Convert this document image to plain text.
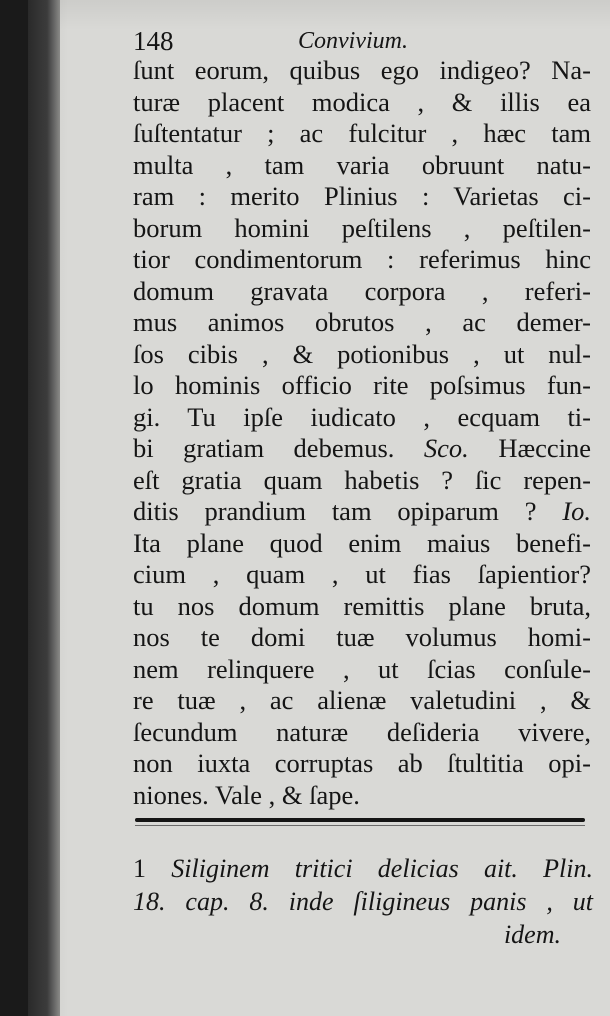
148	Convivium.
ſunt eorum, quibus ego indigeo? Na-
turæ placent modica , & illis ea
ſuſtentatur ; ac fulcitur , hæc tam
multa , tam varia obruunt natu-
ram : merito Plinius : Varietas ci-
borum homini peſtilens , peſtilen-
tior condimentorum : referimus hinc
domum gravata corpora , referi-
mus animos obrutos , ac demer-
ſos cibis , & potionibus , ut nul-
lo hominis officio rite poſsimus fun-
gi. Tu ipſe iudicato , ecquam ti-
bi gratiam debemus. Sco. Hæccine
eſt gratia quam habetis ? ſic repen-
ditis prandium tam opiparum ? Io.
Ita plane quod enim maius benefi-
cium , quam , ut fias ſapientior?
tu nos domum remittis plane bruta,
nos te domi tuæ volumus homi-
nem relinquere , ut ſcias conſule-
re tuæ , ac alienæ valetudini , &
ſecundum naturæ deſideria vivere,
non iuxta corruptas ab ſtultitia opi-
niones. Vale , & ſape.
1 Siliginem tritici delicias ait. Plin.
18. cap. 8. inde ſiligineus panis , ut
idem.
